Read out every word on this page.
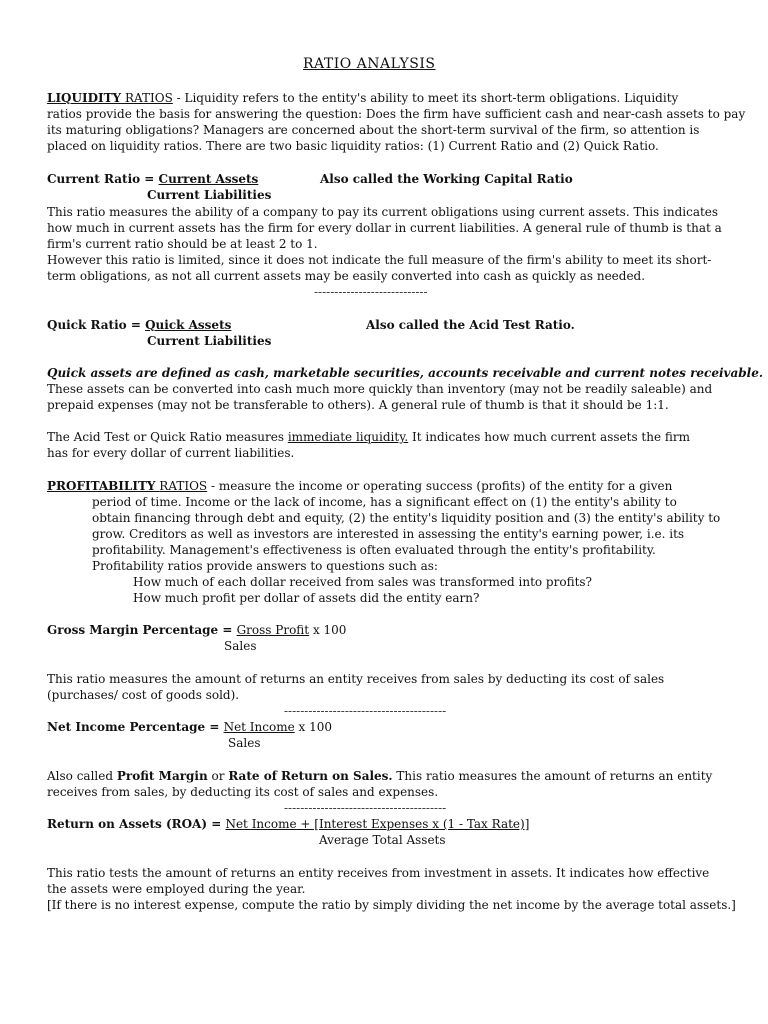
RATIO ANALYSIS
LIQUIDITY RATIOS - Liquidity refers to the entity's ability to meet its short-term obligations. Liquidity
ratios provide the basis for answering the question: Does the firm have sufficient cash and near-cash assets to pay
its maturing obligations? Managers are concerned about the short-term survival of the firm, so attention is
placed on liquidity ratios. There are two basic liquidity ratios: (1) Current Ratio and (2) Quick Ratio.
Current Ratio = Current Assets	Also called the Working Capital Ratio
Current Liabilities
This ratio measures the ability of a company to pay its current obligations using current assets. This indicates
how much in current assets has the firm for every dollar in current liabilities. A general rule of thumb is that a
firm's current ratio should be at least 2 to 1.
However this ratio is limited, since it does not indicate the full measure of the firm's ability to meet its short-
term obligations, as not all current assets may be easily converted into cash as quickly as needed.
----------------------------
Quick Ratio = Quick Assets	Also called the Acid Test Ratio.
Current Liabilities
Quick assets are defined as cash, marketable securities, accounts receivable and current notes receivable.
These assets can be converted into cash much more quickly than inventory (may not be readily saleable) and
prepaid expenses (may not be transferable to others). A general rule of thumb is that it should be 1:1.
The Acid Test or Quick Ratio measures immediate liquidity. It indicates how much current assets the firm
has for every dollar of current liabilities.
PROFITABILITY RATIOS - measure the income or operating success (profits) of the entity for a given
period of time. Income or the lack of income, has a significant effect on (1) the entity's ability to
obtain financing through debt and equity, (2) the entity's liquidity position and (3) the entity's ability to
grow. Creditors as well as investors are interested in assessing the entity's earning power, i.e. its
profitability. Management's effectiveness is often evaluated through the entity's profitability.
Profitability ratios provide answers to questions such as:
How much of each dollar received from sales was transformed into profits?
How much profit per dollar of assets did the entity earn?
Gross Margin Percentage = Gross Profit x 100
Sales
This ratio measures the amount of returns an entity receives from sales by deducting its cost of sales
(purchases/ cost of goods sold).
----------------------------------------
Net Income Percentage = Net Income x 100
Sales
Also called Profit Margin or Rate of Return on Sales. This ratio measures the amount of returns an entity
receives from sales, by deducting its cost of sales and expenses.
----------------------------------------
Return on Assets (ROA) = Net Income + [Interest Expenses x (1 - Tax Rate)]
Average Total Assets
This ratio tests the amount of returns an entity receives from investment in assets. It indicates how effective
the assets were employed during the year.
[If there is no interest expense, compute the ratio by simply dividing the net income by the average total assets.]
